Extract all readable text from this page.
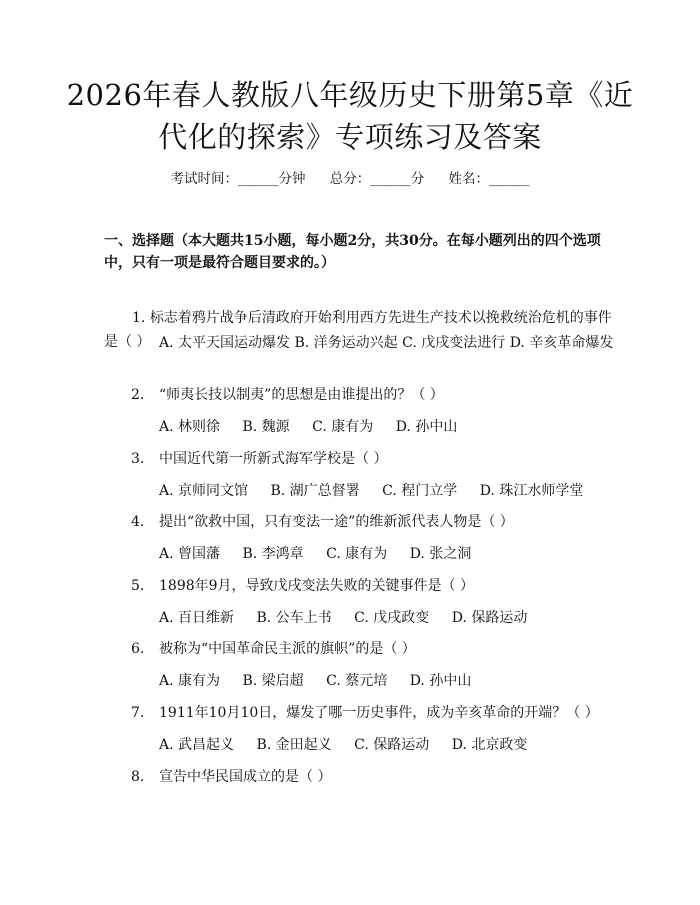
2026年春人教版八年级历史下册第5章《近代化的探索》专项练习及答案
考试时间：______分钟 总分：______分 姓名：______
一、选择题（本大题共15小题，每小题2分，共30分。在每小题列出的四个选项中，只有一项是最符合题目要求的。）
1. 标志着鸦片战争后清政府开始利用西方先进生产技术以挽救统治危机的事件是（ ） A. 太平天国运动爆发 B. 洋务运动兴起 C. 戊戌变法进行 D. 辛亥革命爆发
2. “师夷长技以制夷”的思想是由谁提出的？（ ）
A. 林则徐 B. 魏源 C. 康有为 D. 孙中山
3. 中国近代第一所新式海军学校是（ ）
A. 京师同文馆 B. 湖广总督署 C. 程门立学 D. 珠江水师学堂
4. 提出“欲救中国，只有变法一途”的维新派代表人物是（ ）
A. 曾国藩 B. 李鸿章 C. 康有为 D. 张之洞
5. 1898年9月，导致戊戌变法失败的关键事件是（ ）
A. 百日维新 B. 公车上书 C. 戊戌政变 D. 保路运动
6. 被称为“中国革命民主派的旗帜”的是（ ）
A. 康有为 B. 梁启超 C. 蔡元培 D. 孙中山
7. 1911年10月10日，爆发了哪一历史事件，成为辛亥革命的开端？（ ）
A. 武昌起义 B. 金田起义 C. 保路运动 D. 北京政变
8. 宣告中华民国成立的是（ ）
